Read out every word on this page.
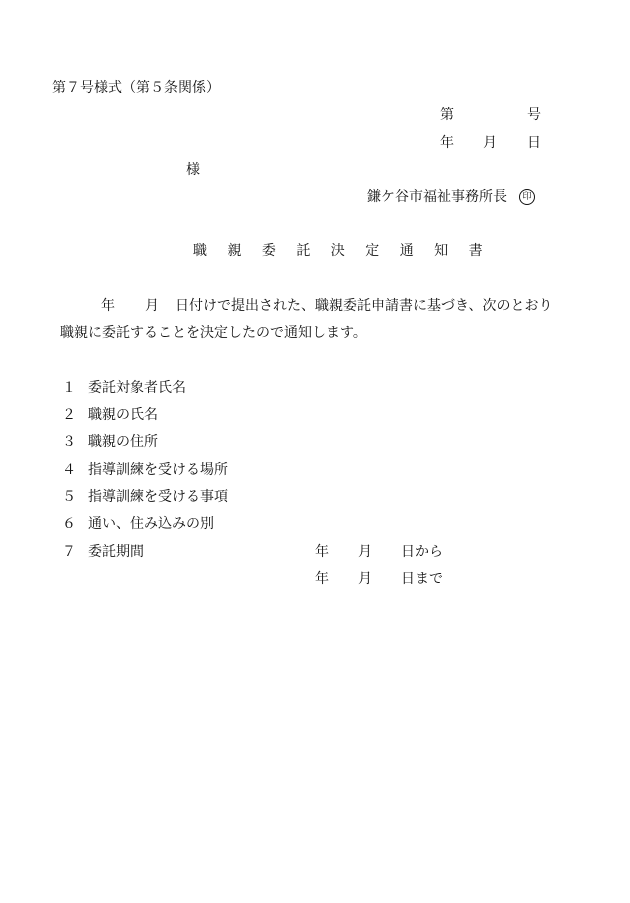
第７号様式（第５条関係）
第	号
年 月 日
様
鎌ケ谷市福祉事務所長 印
職 親 委 託 決 定 通 知 書
年 月 日付けで提出された、職親委託申請書に基づき、次のとおり
職親に委託することを決定したので通知します。
１ 委託対象者氏名
２ 職親の氏名
３ 職親の住所
４ 指導訓練を受ける場所
５ 指導訓練を受ける事項
６ 通い、住み込みの別
７ 委託期間	年 月 日から
年 月 日まで
